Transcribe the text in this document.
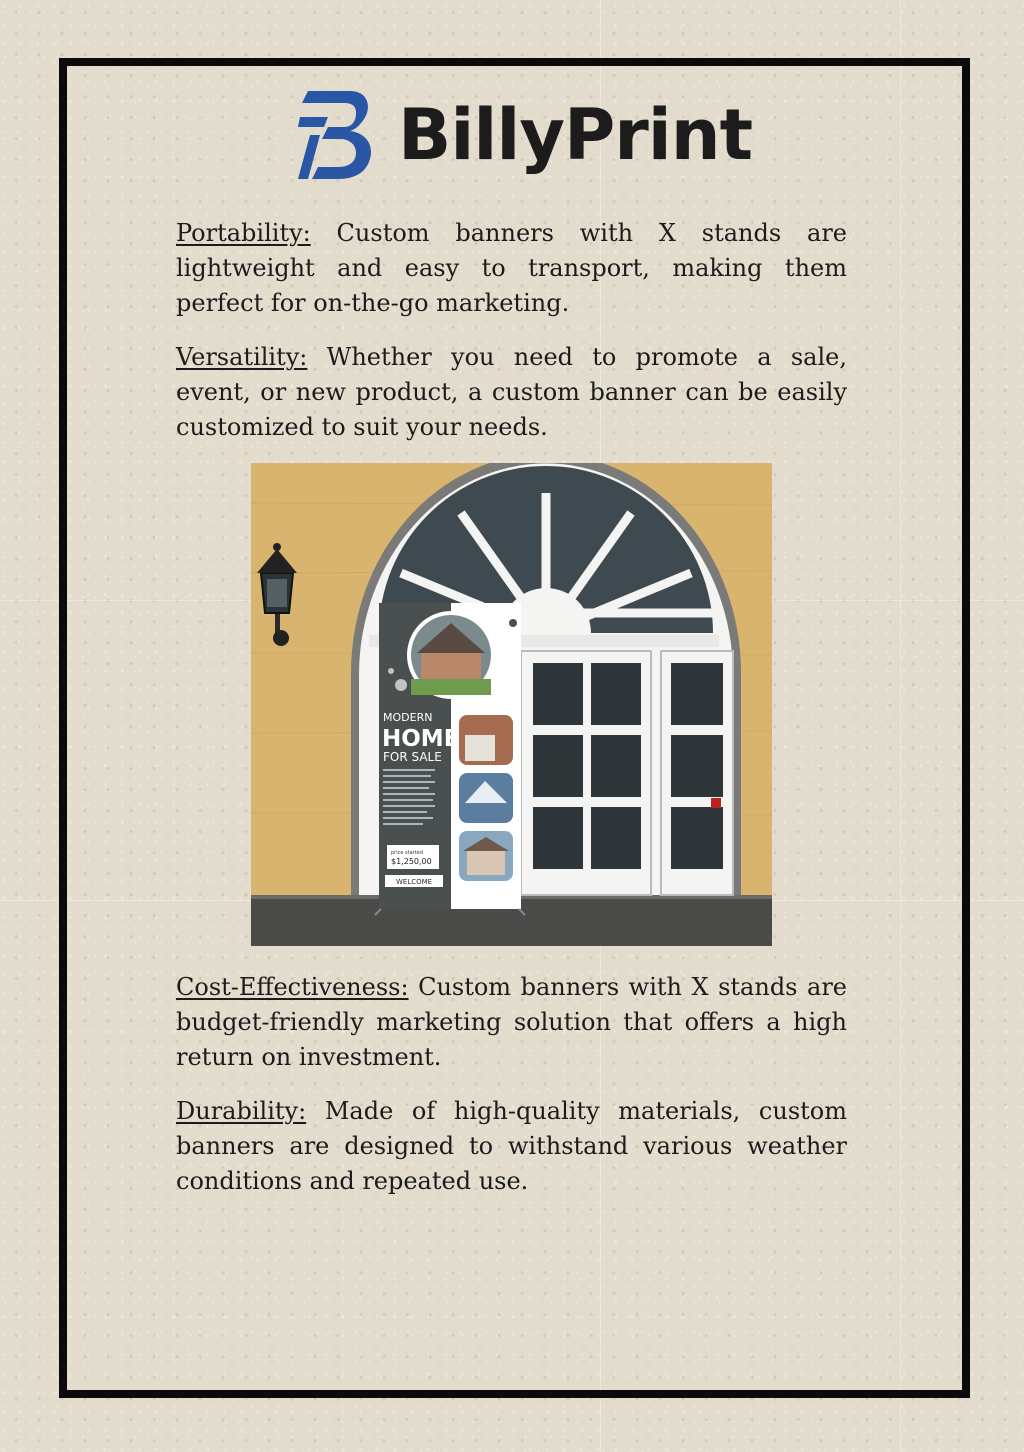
BillyPrint

Portability: Custom banners with X stands are lightweight and easy to transport, making them perfect for on-the-go marketing.

Versatility: Whether you need to promote a sale, event, or new product, a custom banner can be easily customized to suit your needs.

MODERN
HOME
FOR SALE
price started
$1,250,00
WELCOME

Cost-Effectiveness: Custom banners with X stands are budget-friendly marketing solution that offers a high return on investment.

Durability: Made of high-quality materials, custom banners are designed to withstand various weather conditions and repeated use.
